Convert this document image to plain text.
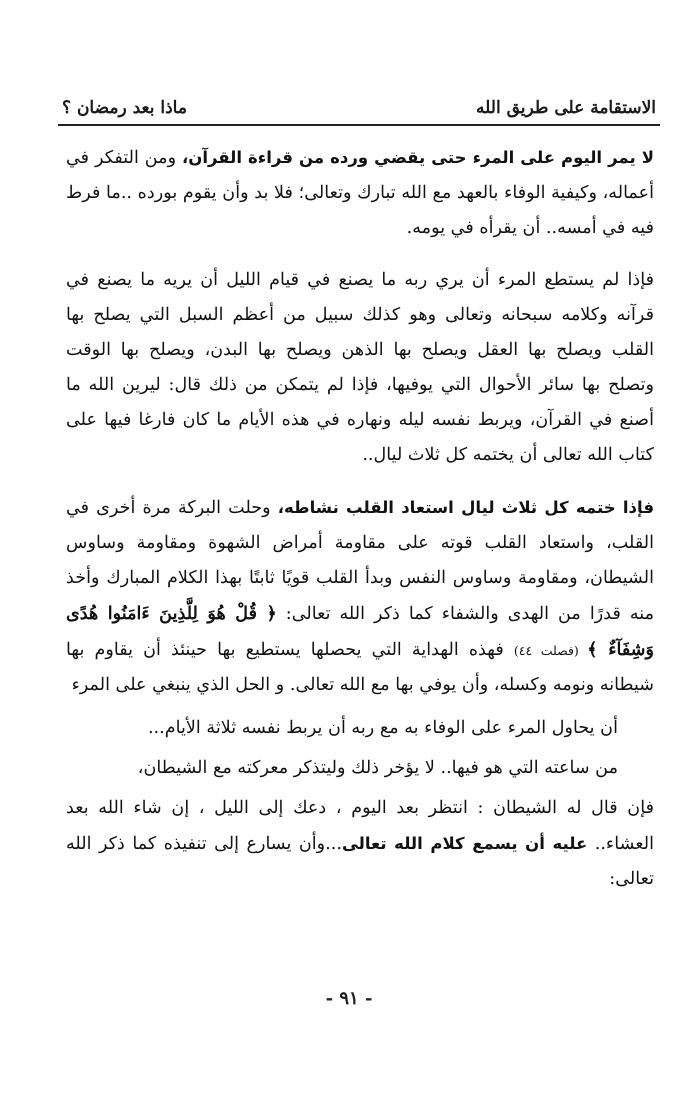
الاستقامة على طريق الله
ماذا بعد رمضان ؟

لا يمر اليوم على المرء حتى يقضي ورده من قراءة القرآن، ومن التفكر في أعماله، وكيفية الوفاء بالعهد مع الله تبارك وتعالى؛ فلا بد وأن يقوم بورده ..ما فرط فيه في أمسه.. أن يقرأه في يومه.

فإذا لم يستطع المرء أن يري ربه ما يصنع في قيام الليل أن يريه ما يصنع في قرآنه وكلامه سبحانه وتعالى وهو كذلك سبيل من أعظم السبل التي يصلح بها القلب ويصلح بها العقل ويصلح بها الذهن ويصلح بها البدن، ويصلح بها الوقت وتصلح بها سائر الأحوال التي يوفيها، فإذا لم يتمكن من ذلك قال: ليرين الله ما أصنع في القرآن، ويربط نفسه ليله ونهاره في هذه الأيام ما كان فارغا فيها على كتاب الله تعالى أن يختمه كل ثلاث ليال..

فإذا ختمه كل ثلاث ليال استعاد القلب نشاطه، وحلت البركة مرة أخرى في القلب، واستعاد القلب قوته على مقاومة أمراض الشهوة ومقاومة وساوس الشيطان، ومقاومة وساوس النفس وبدأ القلب قويًا ثابتًا بهذا الكلام المبارك وأخذ منه قدرًا من الهدى والشفاء كما ذكر الله تعالى: ﴿ قُلْ هُوَ لِلَّذِينَ ءَامَنُوا هُدًى وَشِفَآءٌ ﴾ (فصلت ٤٤) فهذه الهداية التي يحصلها يستطيع بها حينئذ أن يقاوم بها شيطانه ونومه وكسله، وأن يوفي بها مع الله تعالى. و الحل الذي ينبغي على المرء

أن يحاول المرء على الوفاء به مع ربه أن يربط نفسه ثلاثة الأيام...

من ساعته التي هو فيها.. لا يؤخر ذلك وليتذكر معركته مع الشيطان،

فإن قال له الشيطان : انتظر بعد اليوم ، دعك إلى الليل ، إن شاء الله بعد العشاء.. عليه أن يسمع كلام الله تعالى...وأن يسارع إلى تنفيذه كما ذكر الله تعالى:

- ٩١ -
